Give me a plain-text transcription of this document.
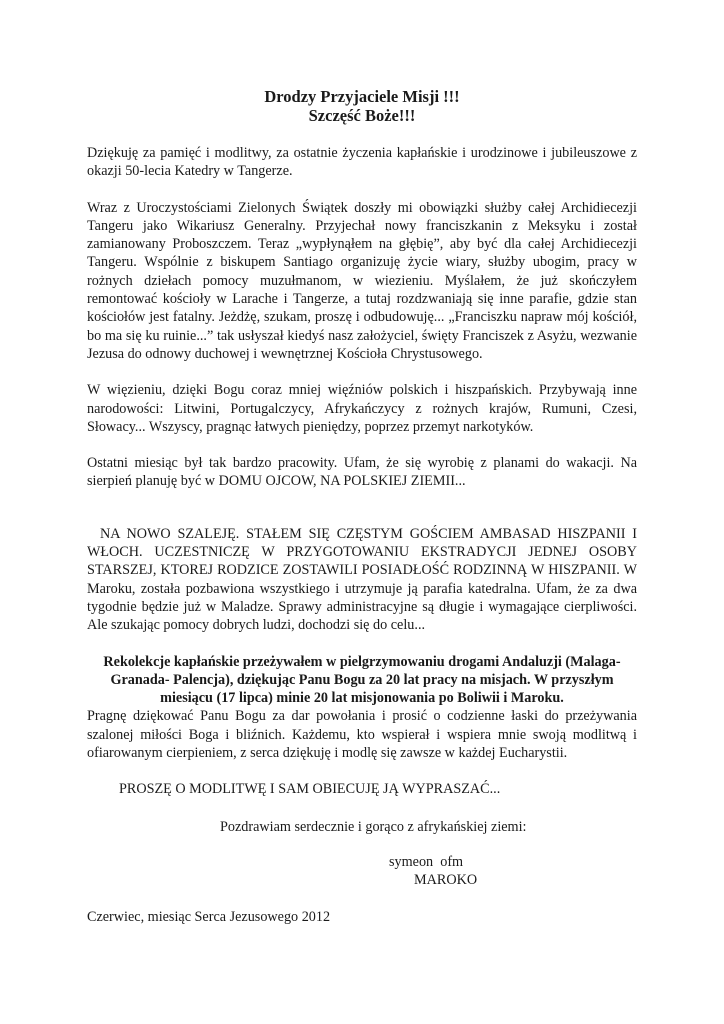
Drodzy Przyjaciele Misji !!!
Szczęść Boże!!!

Dziękuję za pamięć i modlitwy, za ostatnie życzenia kapłańskie i urodzinowe i jubileuszowe z okazji 50-lecia Katedry w Tangerze.

Wraz z Uroczystościami Zielonych Świątek doszły mi obowiązki służby całej Archidiecezji Tangeru jako Wikariusz Generalny. Przyjechał nowy franciszkanin z Meksyku i został zamianowany Proboszczem. Teraz „wypłynąłem na głębię”, aby być dla całej Archidiecezji Tangeru. Wspólnie z biskupem Santiago organizuję życie wiary, służby ubogim, pracy w rożnych dziełach pomocy muzułmanom, w wiezieniu. Myślałem, że już skończyłem remontować kościoły w Larache i Tangerze, a tutaj rozdzwaniają się inne parafie, gdzie stan kościołów jest fatalny. Jeżdżę, szukam, proszę i odbudowuję... „Franciszku napraw mój kościół, bo ma się ku ruinie...” tak usłyszał kiedyś nasz założyciel, święty Franciszek z Asyżu, wezwanie Jezusa do odnowy duchowej i wewnętrznej Kościoła Chrystusowego.

W więzieniu, dzięki Bogu coraz mniej więźniów polskich i hiszpańskich. Przybywają inne narodowości: Litwini, Portugalczycy, Afrykańczycy z rożnych krajów, Rumuni, Czesi, Słowacy... Wszyscy, pragnąc łatwych pieniędzy, poprzez przemyt narkotyków.

Ostatni miesiąc był tak bardzo pracowity. Ufam, że się wyrobię z planami do wakacji. Na sierpień planuję być w DOMU OJCOW, NA POLSKIEJ ZIEMII...

NA NOWO SZALEJĘ. STAŁEM SIĘ CZĘSTYM GOŚCIEM AMBASAD HISZPANII I WŁOCH. UCZESTNICZĘ W PRZYGOTOWANIU EKSTRADYCJI JEDNEJ OSOBY STARSZEJ, KTOREJ RODZICE ZOSTAWILI POSIADŁOŚĆ RODZINNĄ W HISZPANII. W Maroku, została pozbawiona wszystkiego i utrzymuje ją parafia katedralna. Ufam, że za dwa tygodnie będzie już w Maladze. Sprawy administracyjne są długie i wymagające cierpliwości. Ale szukając pomocy dobrych ludzi, dochodzi się do celu...

Rekolekcje kapłańskie przeżywałem w pielgrzymowaniu drogami Andaluzji (Malaga- Granada- Palencja), dziękując Panu Bogu za 20 lat pracy na misjach. W przyszłym miesiącu (17 lipca) minie 20 lat misjonowania po Boliwii i Maroku.

Pragnę dziękować Panu Bogu za dar powołania i prosić o codzienne łaski do przeżywania szalonej miłości Boga i bliźnich. Każdemu, kto wspierał i wspiera mnie swoją modlitwą i ofiarowanym cierpieniem, z serca dziękuję i modlę się zawsze w każdej Eucharystii.

PROSZĘ O MODLITWĘ I SAM OBIECUJĘ JĄ WYPRASZAĆ...

Pozdrawiam serdecznie i gorąco z afrykańskiej ziemi:

symeon  ofm

MAROKO

Czerwiec, miesiąc Serca Jezusowego 2012
